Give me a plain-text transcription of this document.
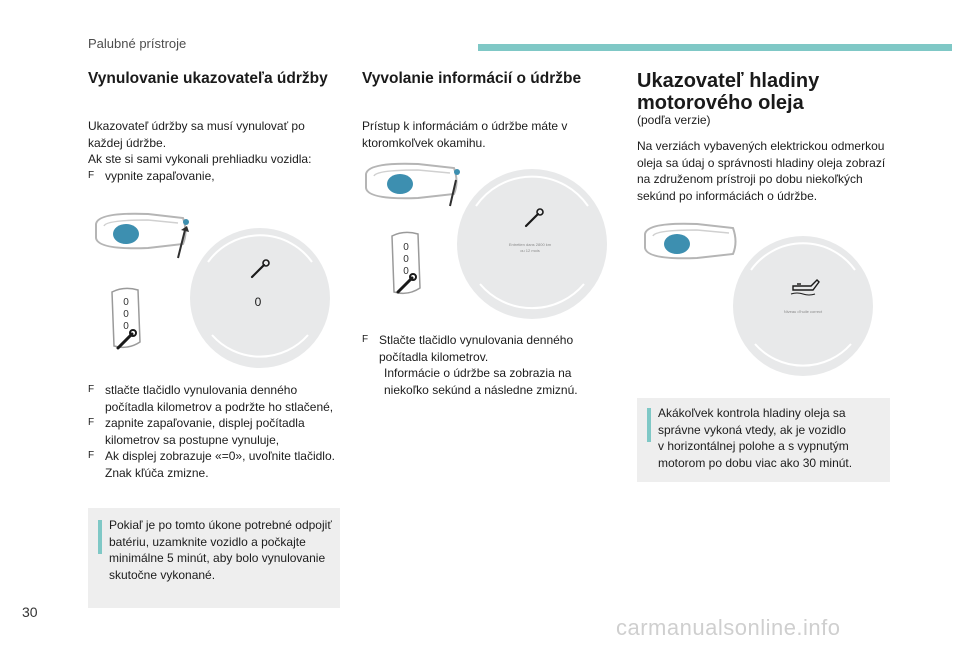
Palubné prístroje
Vynulovanie ukazovateľa údržby
Ukazovateľ údržby sa musí vynulovať po
každej údržbe.
Ak ste si sami vykonali prehliadku vozidla:
F vypnite zapaľovanie,
0
0
0
0
F stlačte tlačidlo vynulovania denného
počítadla kilometrov a podržte ho stlačené,
F zapnite zapaľovanie, displej počítadla
kilometrov sa postupne vynuluje,
F Ak displej zobrazuje «=0», uvoľnite tlačidlo.
Znak kľúča zmizne.
Pokiaľ je po tomto úkone potrebné odpojiť
batériu, uzamknite vozidlo a počkajte
minimálne 5 minút, aby bolo vynulovanie
skutočne vykonané.
Vyvolanie informácií o údržbe
Prístup k informáciám o údržbe máte v
ktoromkoľvek okamihu.
0
0
0
Entretien dans 2800 km
ou 12 mois
F Stlačte tlačidlo vynulovania denného
počítadla kilometrov.
Informácie o údržbe sa zobrazia na
niekoľko sekúnd a následne zmiznú.
Ukazovateľ hladiny
motorového oleja
(podľa verzie)
Na verziách vybavených elektrickou odmerkou
oleja sa údaj o správnosti hladiny oleja zobrazí
na združenom prístroji po dobu niekoľkých
sekúnd po informáciách o údržbe.
Niveau d'huile correct
Akákoľvek kontrola hladiny oleja sa
správne vykoná vtedy, ak je vozidlo
v horizontálnej polohe a s vypnutým
motorom po dobu viac ako 30 minút.
30
carmanualsonline.info
